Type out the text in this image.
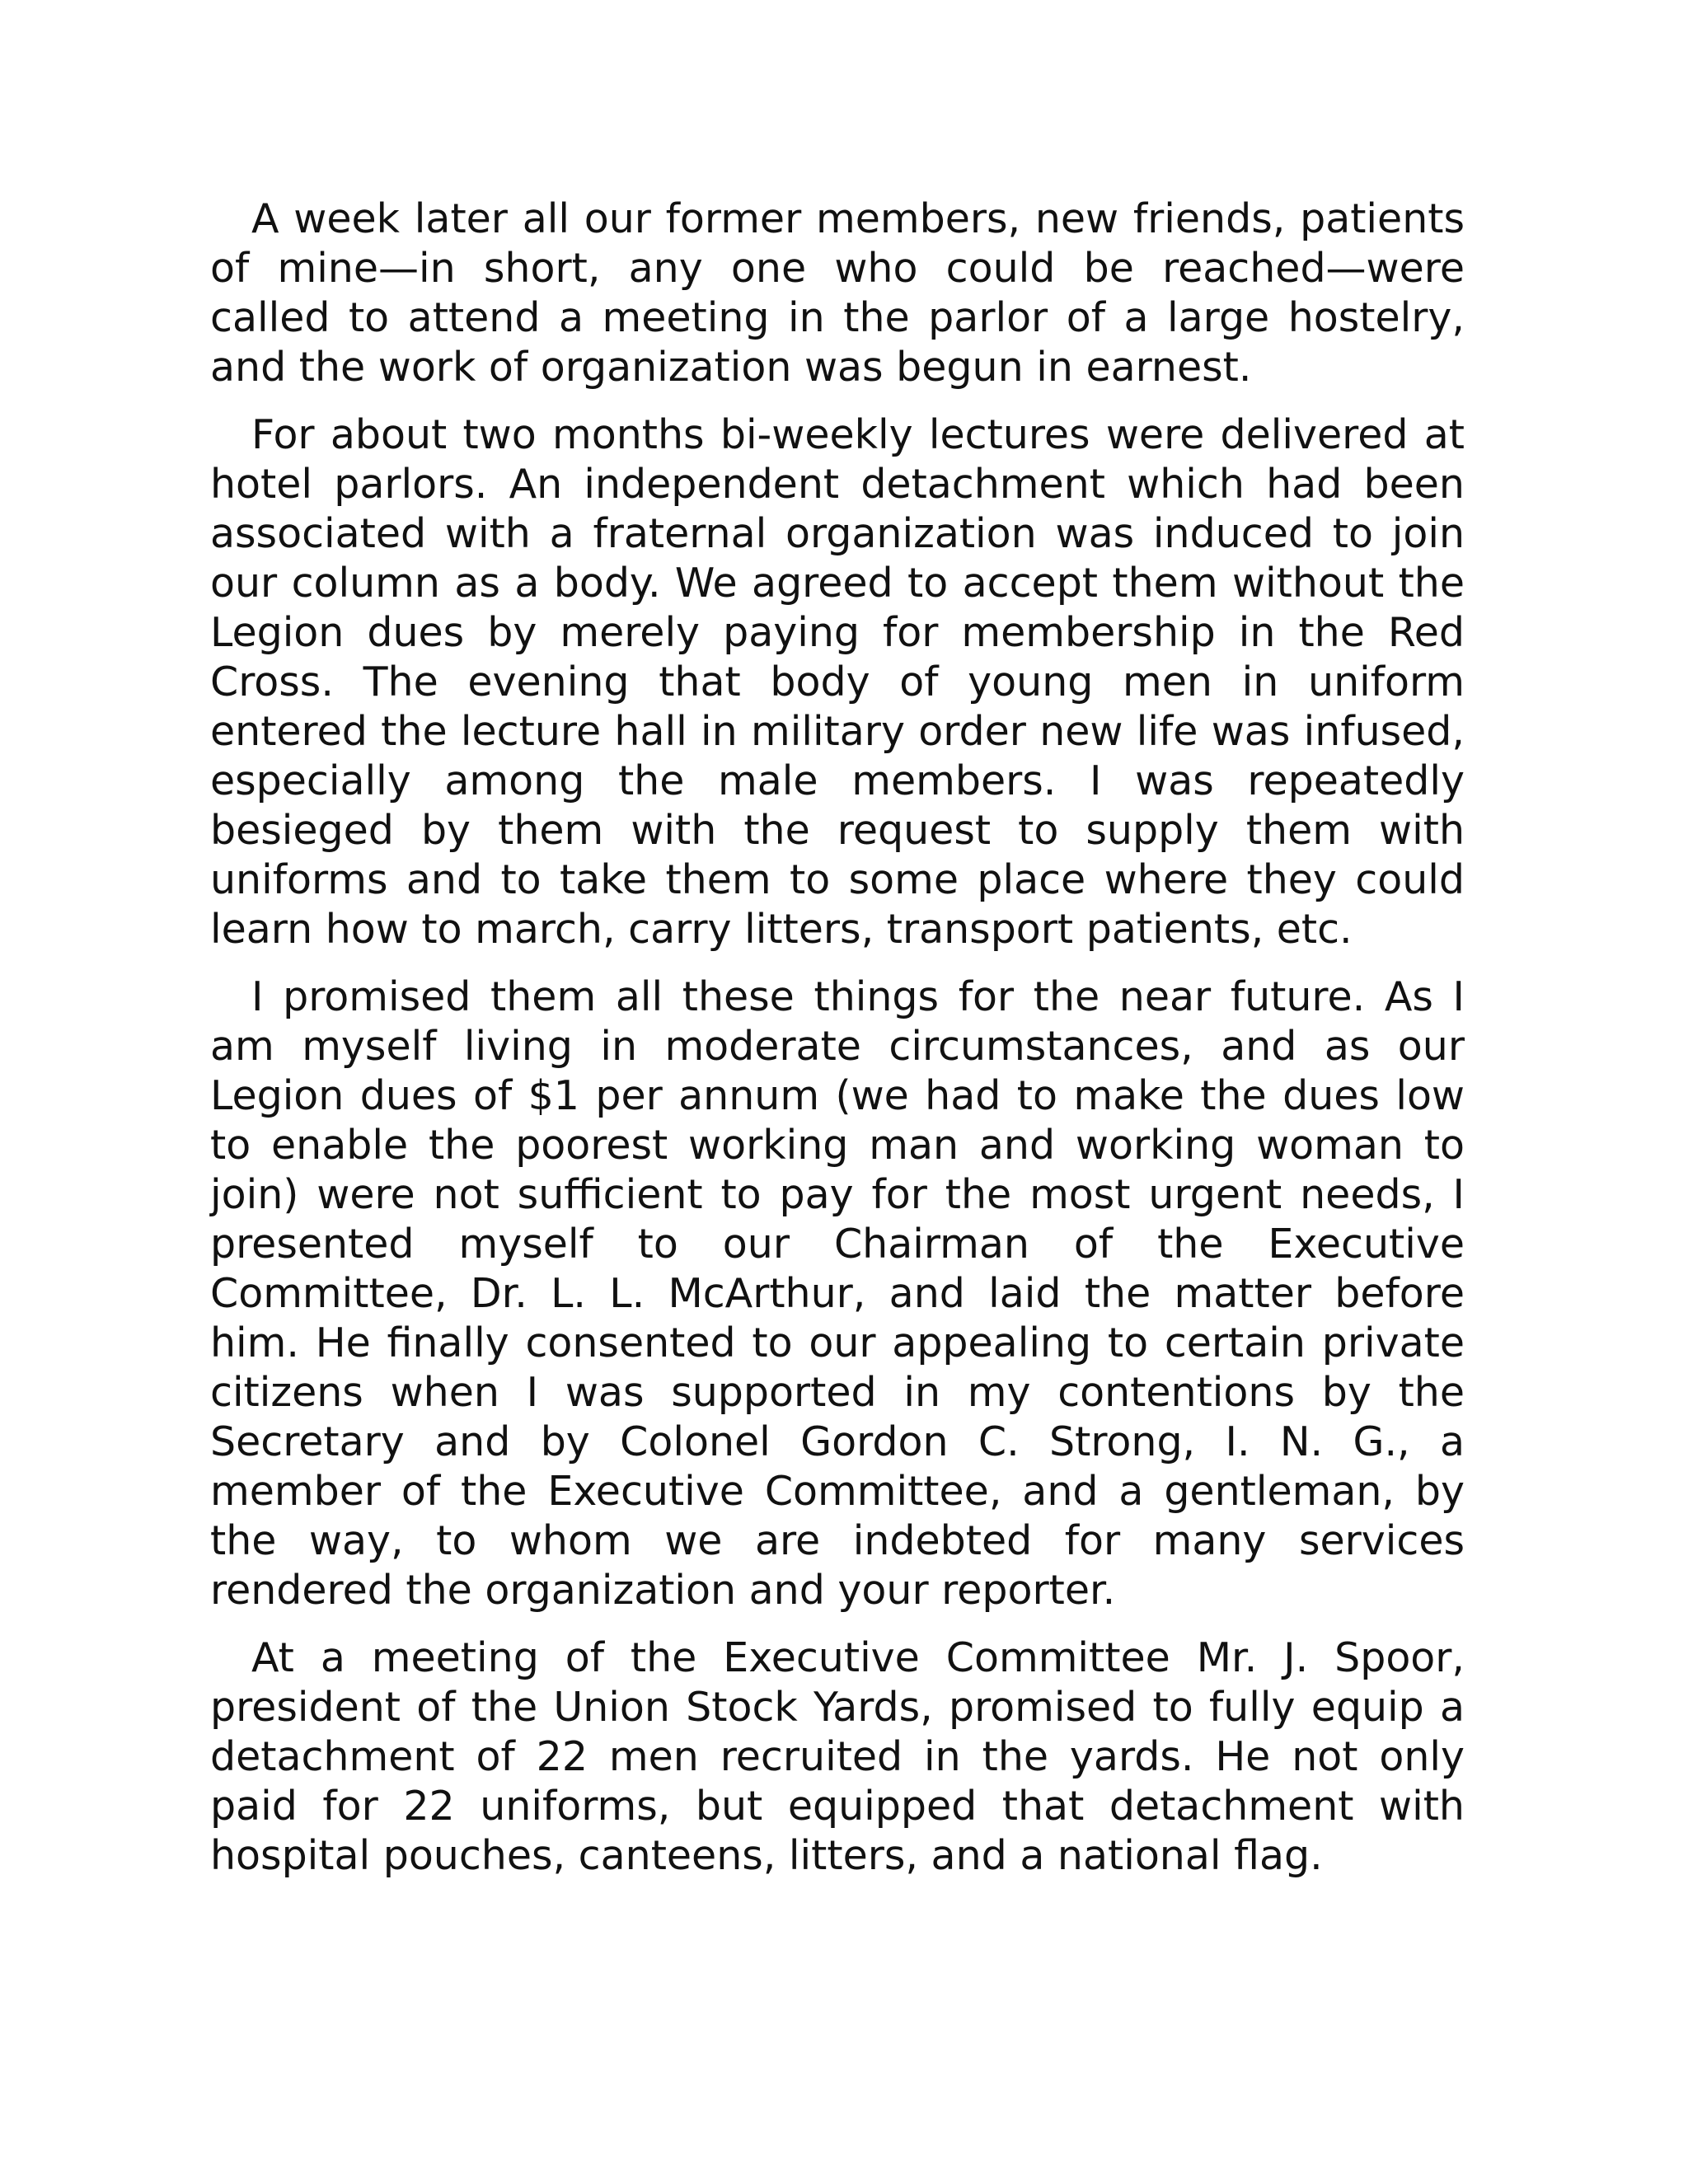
A week later all our former members, new friends, patients of mine—in short, any one who could be reached—were called to attend a meeting in the parlor of a large hostelry, and the work of organization was begun in earnest.

For about two months bi-weekly lectures were delivered at hotel parlors. An independent detachment which had been associated with a fraternal organization was induced to join our column as a body. We agreed to accept them without the Legion dues by merely paying for membership in the Red Cross. The evening that body of young men in uniform entered the lecture hall in military order new life was infused, especially among the male members. I was repeatedly besieged by them with the request to supply them with uniforms and to take them to some place where they could learn how to march, carry litters, transport patients, etc.

I promised them all these things for the near future. As I am myself living in moderate circumstances, and as our Legion dues of $1 per annum (we had to make the dues low to enable the poorest working man and working woman to join) were not sufficient to pay for the most urgent needs, I presented myself to our Chairman of the Executive Committee, Dr. L. L. McArthur, and laid the matter before him. He finally consented to our appealing to certain private citizens when I was supported in my contentions by the Secretary and by Colonel Gordon C. Strong, I. N. G., a member of the Executive Committee, and a gentleman, by the way, to whom we are indebted for many services rendered the organization and your reporter.

At a meeting of the Executive Committee Mr. J. Spoor, president of the Union Stock Yards, promised to fully equip a detachment of 22 men recruited in the yards. He not only paid for 22 uniforms, but equipped that detachment with hospital pouches, canteens, litters, and a national flag.
